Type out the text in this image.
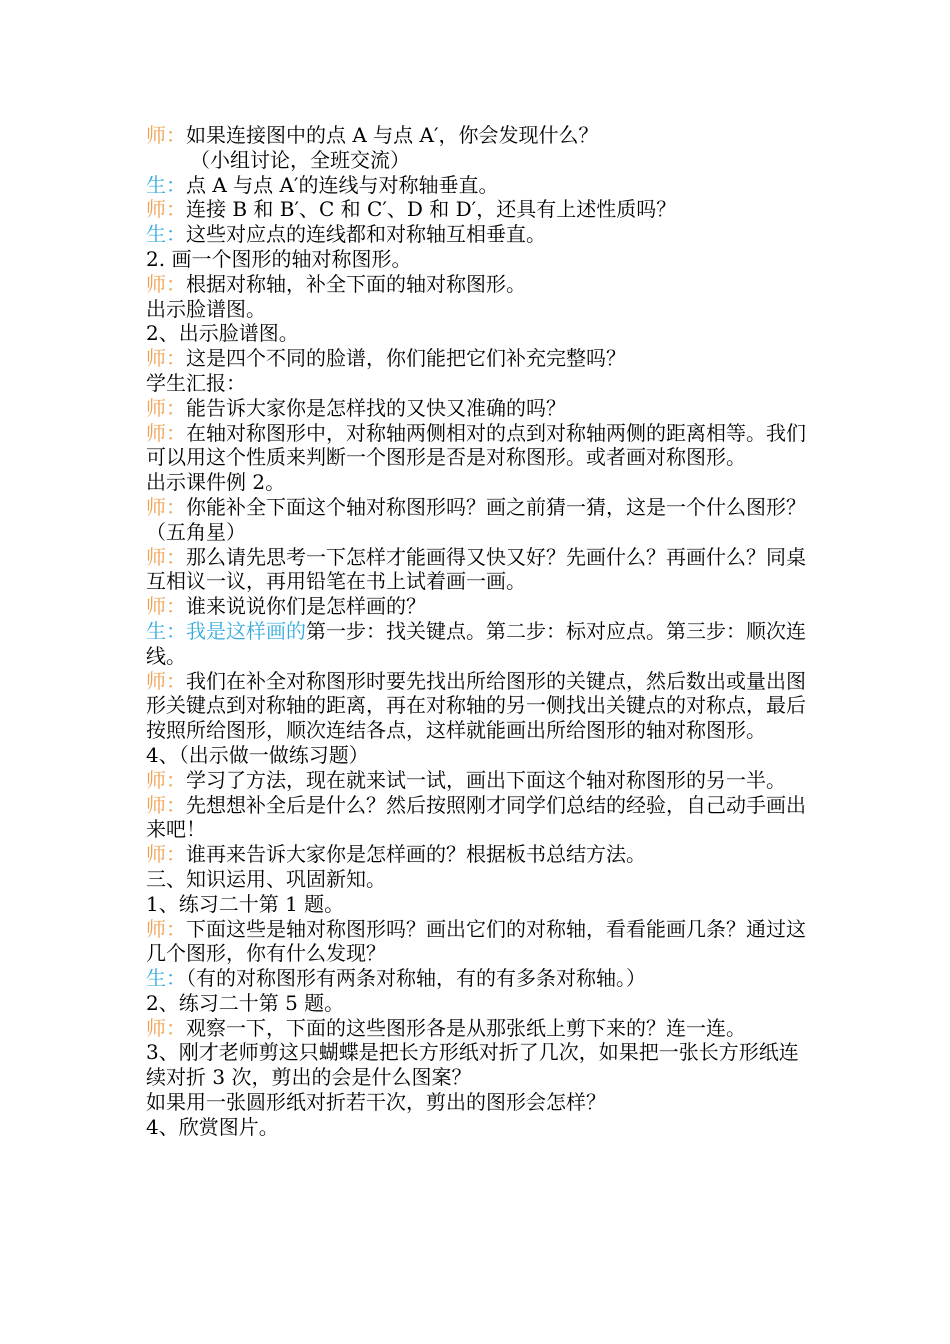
师：如果连接图中的点 A 与点 A′，你会发现什么？
（小组讨论，全班交流）
生：点 A 与点 A′的连线与对称轴垂直。
师：连接 B 和 B′、C 和 C′、D 和 D′，还具有上述性质吗？
生：这些对应点的连线都和对称轴互相垂直。
2. 画一个图形的轴对称图形。
师：根据对称轴，补全下面的轴对称图形。
出示脸谱图。
2、出示脸谱图。
师：这是四个不同的脸谱，你们能把它们补充完整吗？
学生汇报：
师：能告诉大家你是怎样找的又快又准确的吗？
师：在轴对称图形中，对称轴两侧相对的点到对称轴两侧的距离相等。我们可以用这个性质来判断一个图形是否是对称图形。或者画对称图形。
出示课件例 2。
师：你能补全下面这个轴对称图形吗？画之前猜一猜，这是一个什么图形？（五角星）
师：那么请先思考一下怎样才能画得又快又好？先画什么？再画什么？同桌互相议一议，再用铅笔在书上试着画一画。
师：谁来说说你们是怎样画的？
生：我是这样画的第一步：找关键点。第二步：标对应点。第三步：顺次连线。
师：我们在补全对称图形时要先找出所给图形的关键点，然后数出或量出图形关键点到对称轴的距离，再在对称轴的另一侧找出关键点的对称点，最后按照所给图形，顺次连结各点，这样就能画出所给图形的轴对称图形。
4、（出示做一做练习题）
师：学习了方法，现在就来试一试，画出下面这个轴对称图形的另一半。
师：先想想补全后是什么？然后按照刚才同学们总结的经验，自己动手画出来吧！
师：谁再来告诉大家你是怎样画的？根据板书总结方法。
三、知识运用、巩固新知。
1、练习二十第 1 题。
师：下面这些是轴对称图形吗？画出它们的对称轴，看看能画几条？通过这几个图形，你有什么发现？
生：（有的对称图形有两条对称轴，有的有多条对称轴。）
2、练习二十第 5 题。
师：观察一下，下面的这些图形各是从那张纸上剪下来的？连一连。
3、刚才老师剪这只蝴蝶是把长方形纸对折了几次，如果把一张长方形纸连续对折 3 次，剪出的会是什么图案？
如果用一张圆形纸对折若干次，剪出的图形会怎样？
4、欣赏图片。
